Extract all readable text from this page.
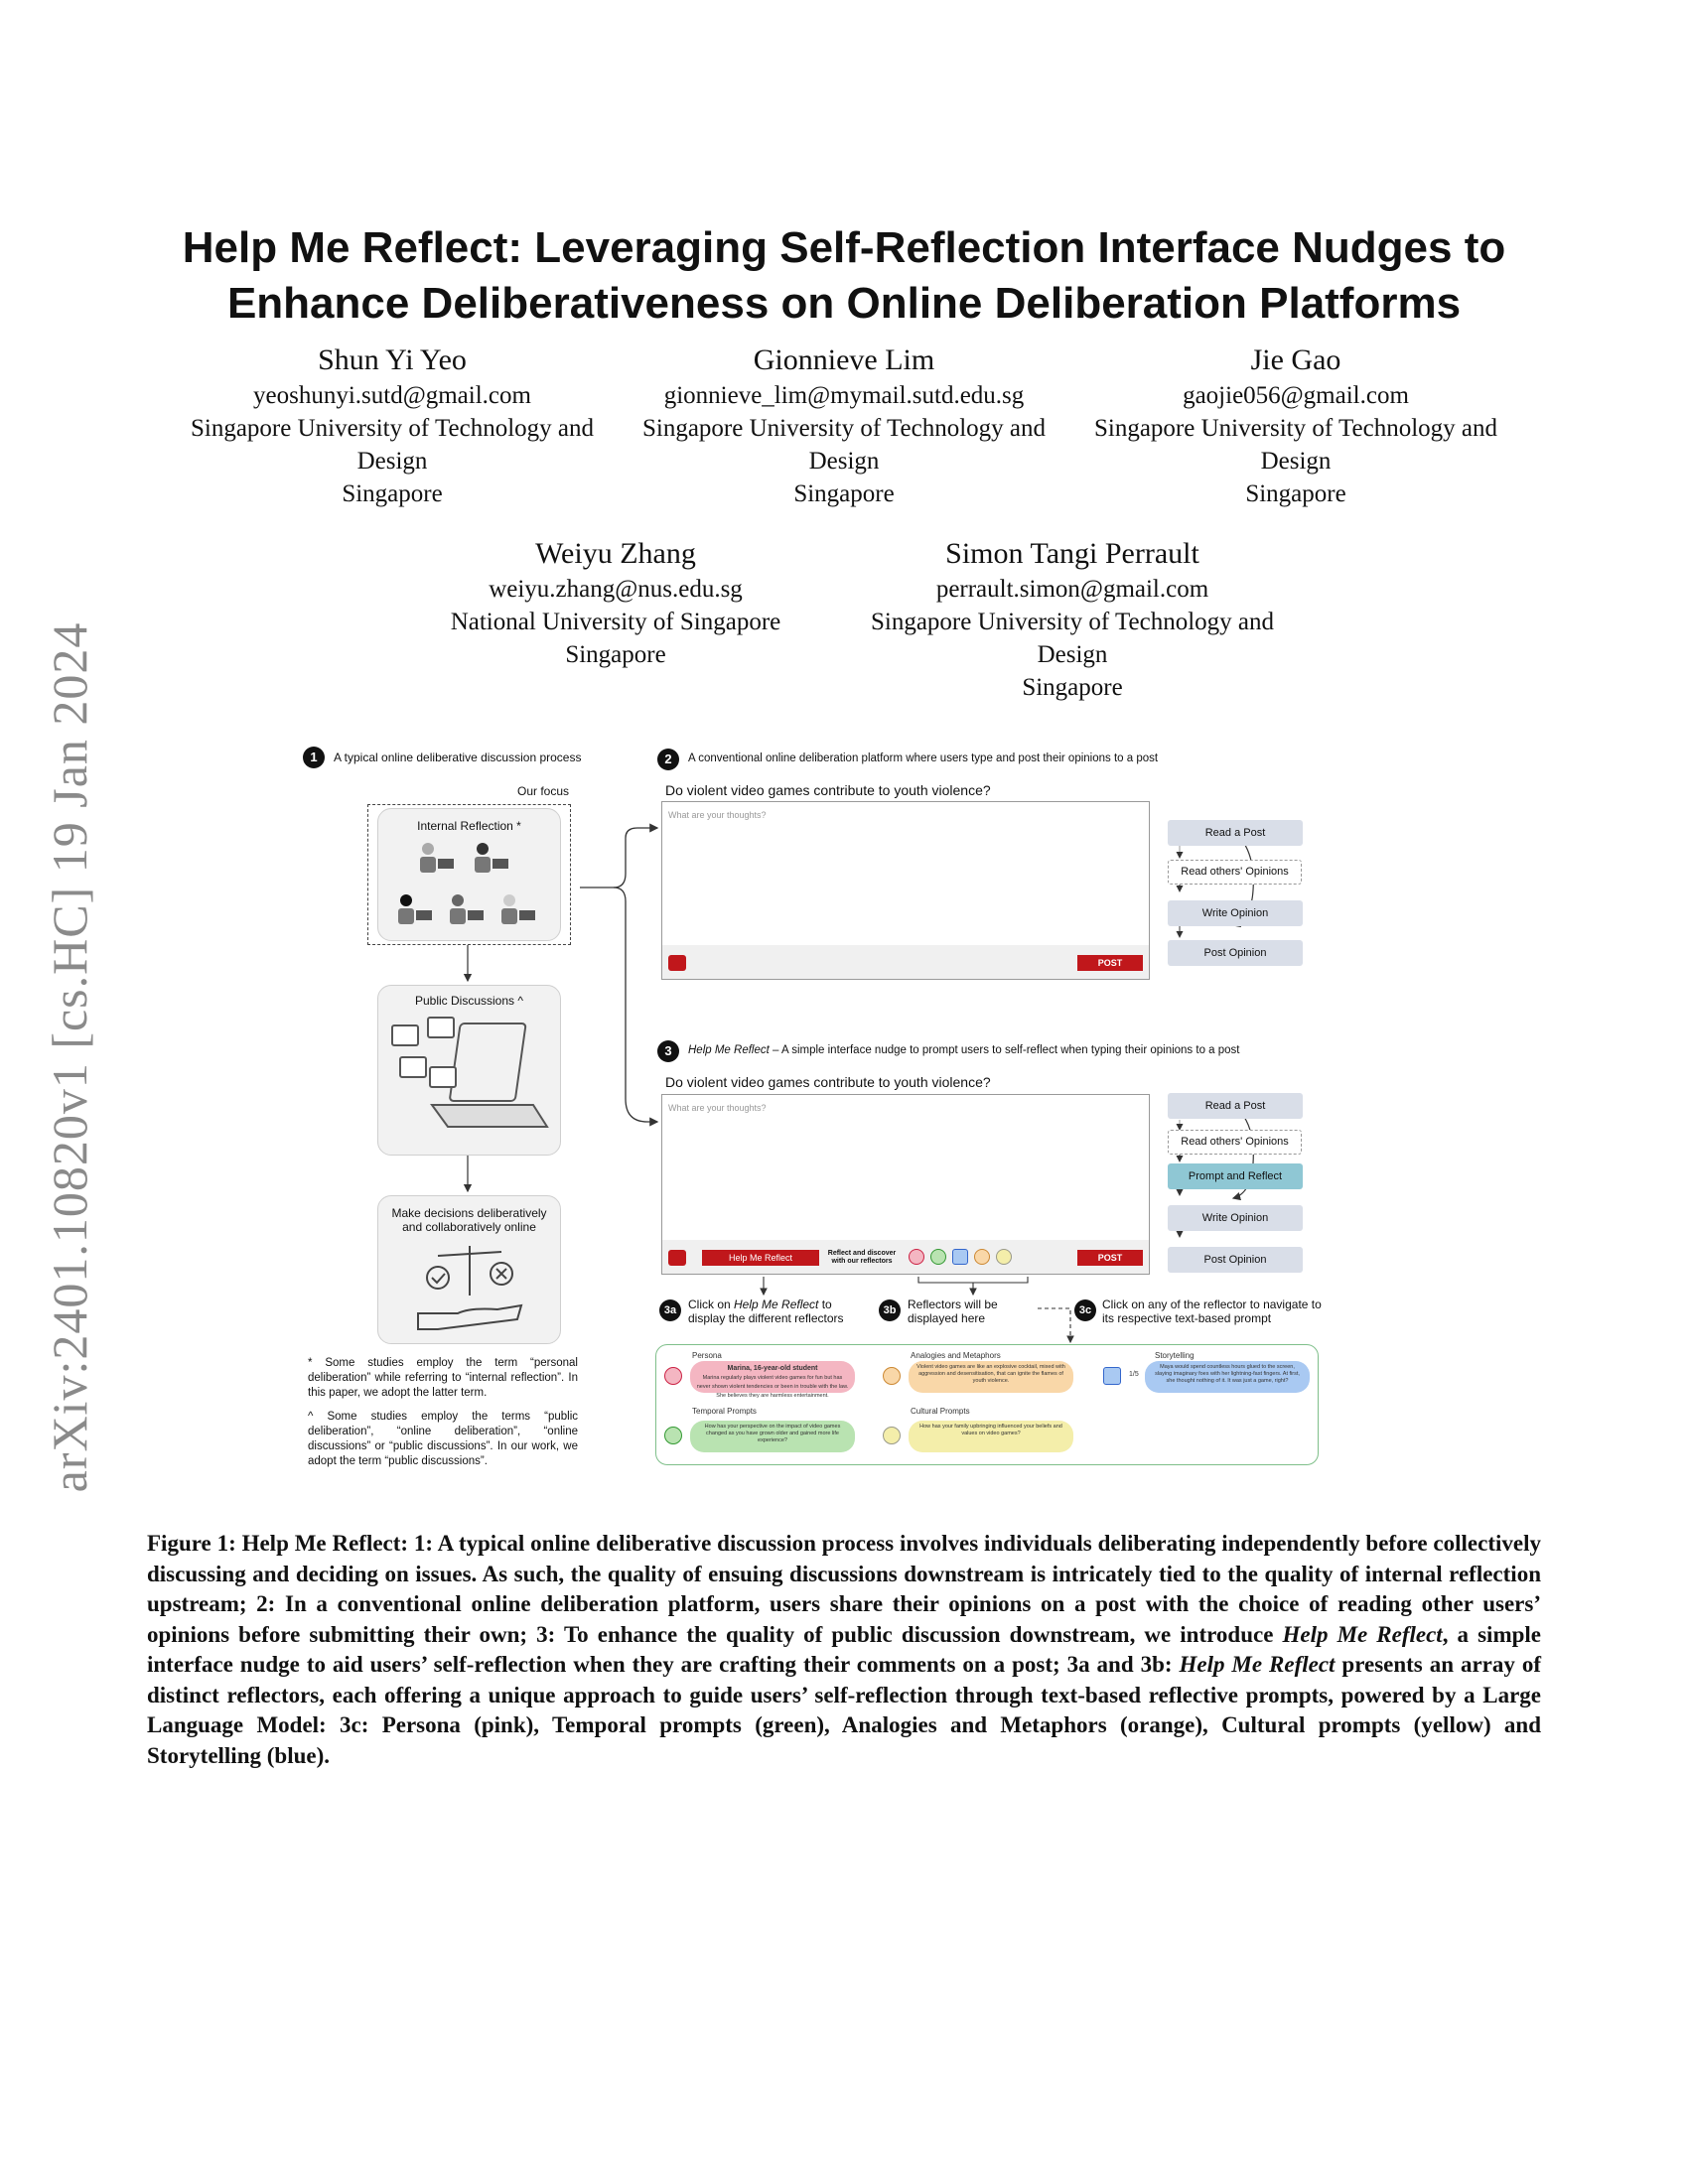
arXiv:2401.10820v1 [cs.HC] 19 Jan 2024
Help Me Reflect: Leveraging Self-Reflection Interface Nudges to Enhance Deliberativeness on Online Deliberation Platforms
Shun Yi Yeo
yeoshunyi.sutd@gmail.com
Singapore University of Technology and Design
Singapore
Gionnieve Lim
gionnieve_lim@mymail.sutd.edu.sg
Singapore University of Technology and Design
Singapore
Jie Gao
gaojie056@gmail.com
Singapore University of Technology and Design
Singapore
Weiyu Zhang
weiyu.zhang@nus.edu.sg
National University of Singapore
Singapore
Simon Tangi Perrault
perrault.simon@gmail.com
Singapore University of Technology and Design
Singapore
1	A typical online deliberative discussion process
Our focus
Internal Reflection *
Public Discussions ^
Make decisions deliberatively and collaboratively online
* Some studies employ the term “personal deliberation” while referring to “internal reflection”. In this paper, we adopt the latter term.
^ Some studies employ the terms “public deliberation”, “online deliberation”, “online discussions” or “public discussions”. In our work, we adopt the term “public discussions”.
2	A conventional online deliberation platform where users type and post their opinions to a post
Do violent video games contribute to youth violence?
What are your thoughts?
POST
Read a Post
Read others' Opinions
Write Opinion
Post Opinion
3	Help Me Reflect – A simple interface nudge to prompt users to self-reflect when typing their opinions to a post
Do violent video games contribute to youth violence?
What are your thoughts?
Help Me Reflect	Reflect and discover with our reflectors	POST
Read a Post
Read others' Opinions
Prompt and Reflect
Write Opinion
Post Opinion
3a Click on Help Me Reflect to display the different reflectors
3b Reflectors will be displayed here
3c Click on any of the reflector to navigate to its respective text-based prompt
Persona
Marina, 16-year-old student
Marina regularly plays violent video games for fun but has never shown violent tendencies or been in trouble with the law. She believes they are harmless entertainment.
Analogies and Metaphors
Violent video games are like an explosive cocktail, mixed with aggression and desensitisation, that can ignite the flames of youth violence.
Storytelling
1/5
Maya would spend countless hours glued to the screen, slaying imaginary foes with her lightning-fast fingers. At first, she thought nothing of it. It was just a game, right?
Temporal Prompts
How has your perspective on the impact of video games changed as you have grown older and gained more life experience?
Cultural Prompts
How has your family upbringing influenced your beliefs and values on video games?

Figure 1: Help Me Reflect: 1: A typical online deliberative discussion process involves individuals deliberating independently before collectively discussing and deciding on issues. As such, the quality of ensuing discussions downstream is intricately tied to the quality of internal reflection upstream; 2: In a conventional online deliberation platform, users share their opinions on a post with the choice of reading other users’ opinions before submitting their own; 3: To enhance the quality of public discussion downstream, we introduce Help Me Reflect, a simple interface nudge to aid users’ self-reflection when they are crafting their comments on a post; 3a and 3b: Help Me Reflect presents an array of distinct reflectors, each offering a unique approach to guide users’ self-reflection through text-based reflective prompts, powered by a Large Language Model: 3c: Persona (pink), Temporal prompts (green), Analogies and Metaphors (orange), Cultural prompts (yellow) and Storytelling (blue).
